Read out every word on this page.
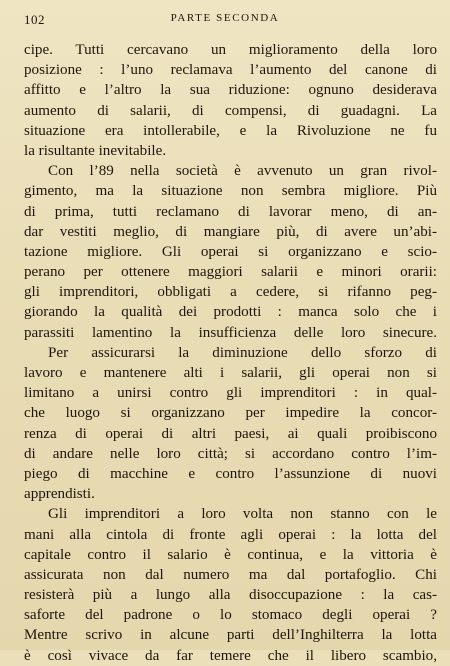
102	PARTE SECONDA
cipe. Tutti cercavano un miglioramento della loro
posizione : l’uno reclamava l’aumento del canone di
affitto e l’altro la sua riduzione: ognuno desiderava
aumento di salarii, di compensi, di guadagni. La
situazione era intollerabile, e la Rivoluzione ne fu
la risultante inevitabile.
Con l’89 nella società è avvenuto un gran rivol-
gimento, ma la situazione non sembra migliore. Più
di prima, tutti reclamano di lavorar meno, di an-
dar vestiti meglio, di mangiare più, di avere un’abi-
tazione migliore. Gli operai si organizzano e scio-
perano per ottenere maggiori salarii e minori orarii:
gli imprenditori, obbligati a cedere, si rifanno peg-
giorando la qualità dei prodotti : manca solo che i
parassiti lamentino la insufficienza delle loro sinecure.
Per assicurarsi la diminuzione dello sforzo di
lavoro e mantenere alti i salarii, gli operai non si
limitano a unirsi contro gli imprenditori : in qual-
che luogo si organizzano per impedire la concor-
renza di operai di altri paesi, ai quali proibiscono
di andare nelle loro città; si accordano contro l’im-
piego di macchine e contro l’assunzione di nuovi
apprendisti.
Gli imprenditori a loro volta non stanno con le
mani alla cintola di fronte agli operai : la lotta del
capitale contro il salario è continua, e la vittoria è
assicurata non dal numero ma dal portafoglio. Chi
resisterà più a lungo alla disoccupazione : la cas-
saforte del padrone o lo stomaco degli operai ?
Mentre scrivo in alcune parti dell’Inghilterra la lotta
è così vivace da far temere che il libero scambio,
